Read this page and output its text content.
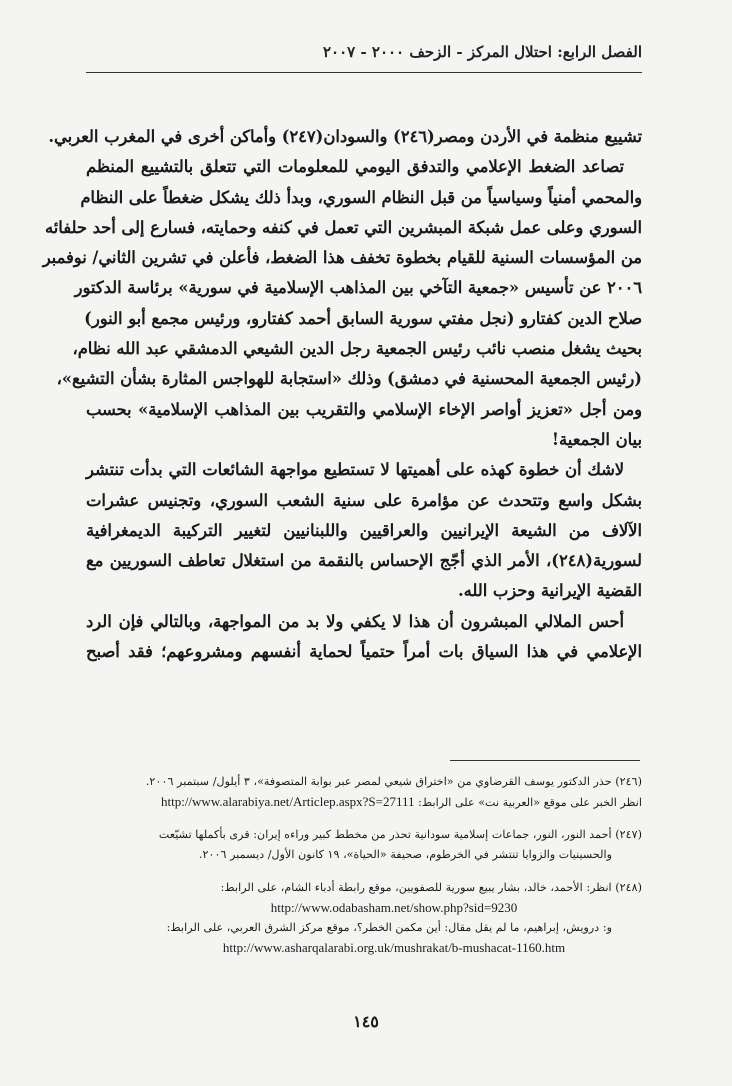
الفصل الرابع: احتلال المركز - الزحف ٢٠٠٠ - ٢٠٠٧
تشييع منظمة في الأردن ومصر(٢٤٦) والسودان(٢٤٧) وأماكن أخرى في المغرب العربي.
تصاعد الضغط الإعلامي والتدفق اليومي للمعلومات التي تتعلق بالتشييع المنظم
والمحمي أمنياً وسياسياً من قبل النظام السوري، وبدأ ذلك يشكل ضغطاً على النظام
السوري وعلى عمل شبكة المبشرين التي تعمل في كنفه وحمايته، فسارع إلى أحد حلفائه
من المؤسسات السنية للقيام بخطوة تخفف هذا الضغط، فأعلن في تشرين الثاني/ نوفمبر
٢٠٠٦ عن تأسيس «جمعية التآخي بين المذاهب الإسلامية في سورية» برئاسة الدكتور
صلاح الدين كفتارو (نجل مفتي سورية السابق أحمد كفتارو، ورئيس مجمع أبو النور)
بحيث يشغل منصب نائب رئيس الجمعية رجل الدين الشيعي الدمشقي عبد الله نظام،
(رئيس الجمعية المحسنية في دمشق) وذلك «استجابة للهواجس المثارة بشأن التشيع»،
ومن أجل «تعزيز أواصر الإخاء الإسلامي والتقريب بين المذاهب الإسلامية» بحسب
بيان الجمعية!
لاشك أن خطوة كهذه على أهميتها لا تستطيع مواجهة الشائعات التي بدأت تنتشر
بشكل واسع وتتحدث عن مؤامرة على سنية الشعب السوري، وتجنيس عشرات
الآلاف من الشيعة الإيرانيين والعراقيين واللبنانيين لتغيير التركيبة الديمغرافية
لسورية(٢٤٨)، الأمر الذي أجّج الإحساس بالنقمة من استغلال تعاطف السوريين مع
القضية الإيرانية وحزب الله.
أحس الملالي المبشرون أن هذا لا يكفي ولا بد من المواجهة، وبالتالي فإن الرد
الإعلامي في هذا السياق بات أمراً حتمياً لحماية أنفسهم ومشروعهم؛ فقد أصبح
(٢٤٦) حذر الدكتور يوسف القرضاوي من «اختراق شيعي لمصر عبر بوابة المتصوفة»، ٣ أيلول/ سبتمبر ٢٠٠٦.
انظر الخبر على موقع «العربية نت» على الرابط: http://www.alarabiya.net/Articlep.aspx?S=27111
(٢٤٧) أحمد النور، النور، جماعات إسلامية سودانية تحذر من مخطط كبير وراءه إيران: قرى بأكملها تشيّعت
والحسينيات والزوايا تنتشر في الخرطوم، صحيفة «الحياة»، ١٩ كانون الأول/ ديسمبر ٢٠٠٦.
(٢٤٨) انظر: الأحمد، خالد، بشار يبيع سورية للصفويين، موقع رابطة أدباء الشام، على الرابط:
http://www.odabasham.net/show.php?sid=9230
و: درويش، إبراهيم، ما لم يقل مقال: أين مكمن الخطر؟، موقع مركز الشرق العربي، على الرابط:
http://www.asharqalarabi.org.uk/mushrakat/b-mushacat-1160.htm
١٤٥
